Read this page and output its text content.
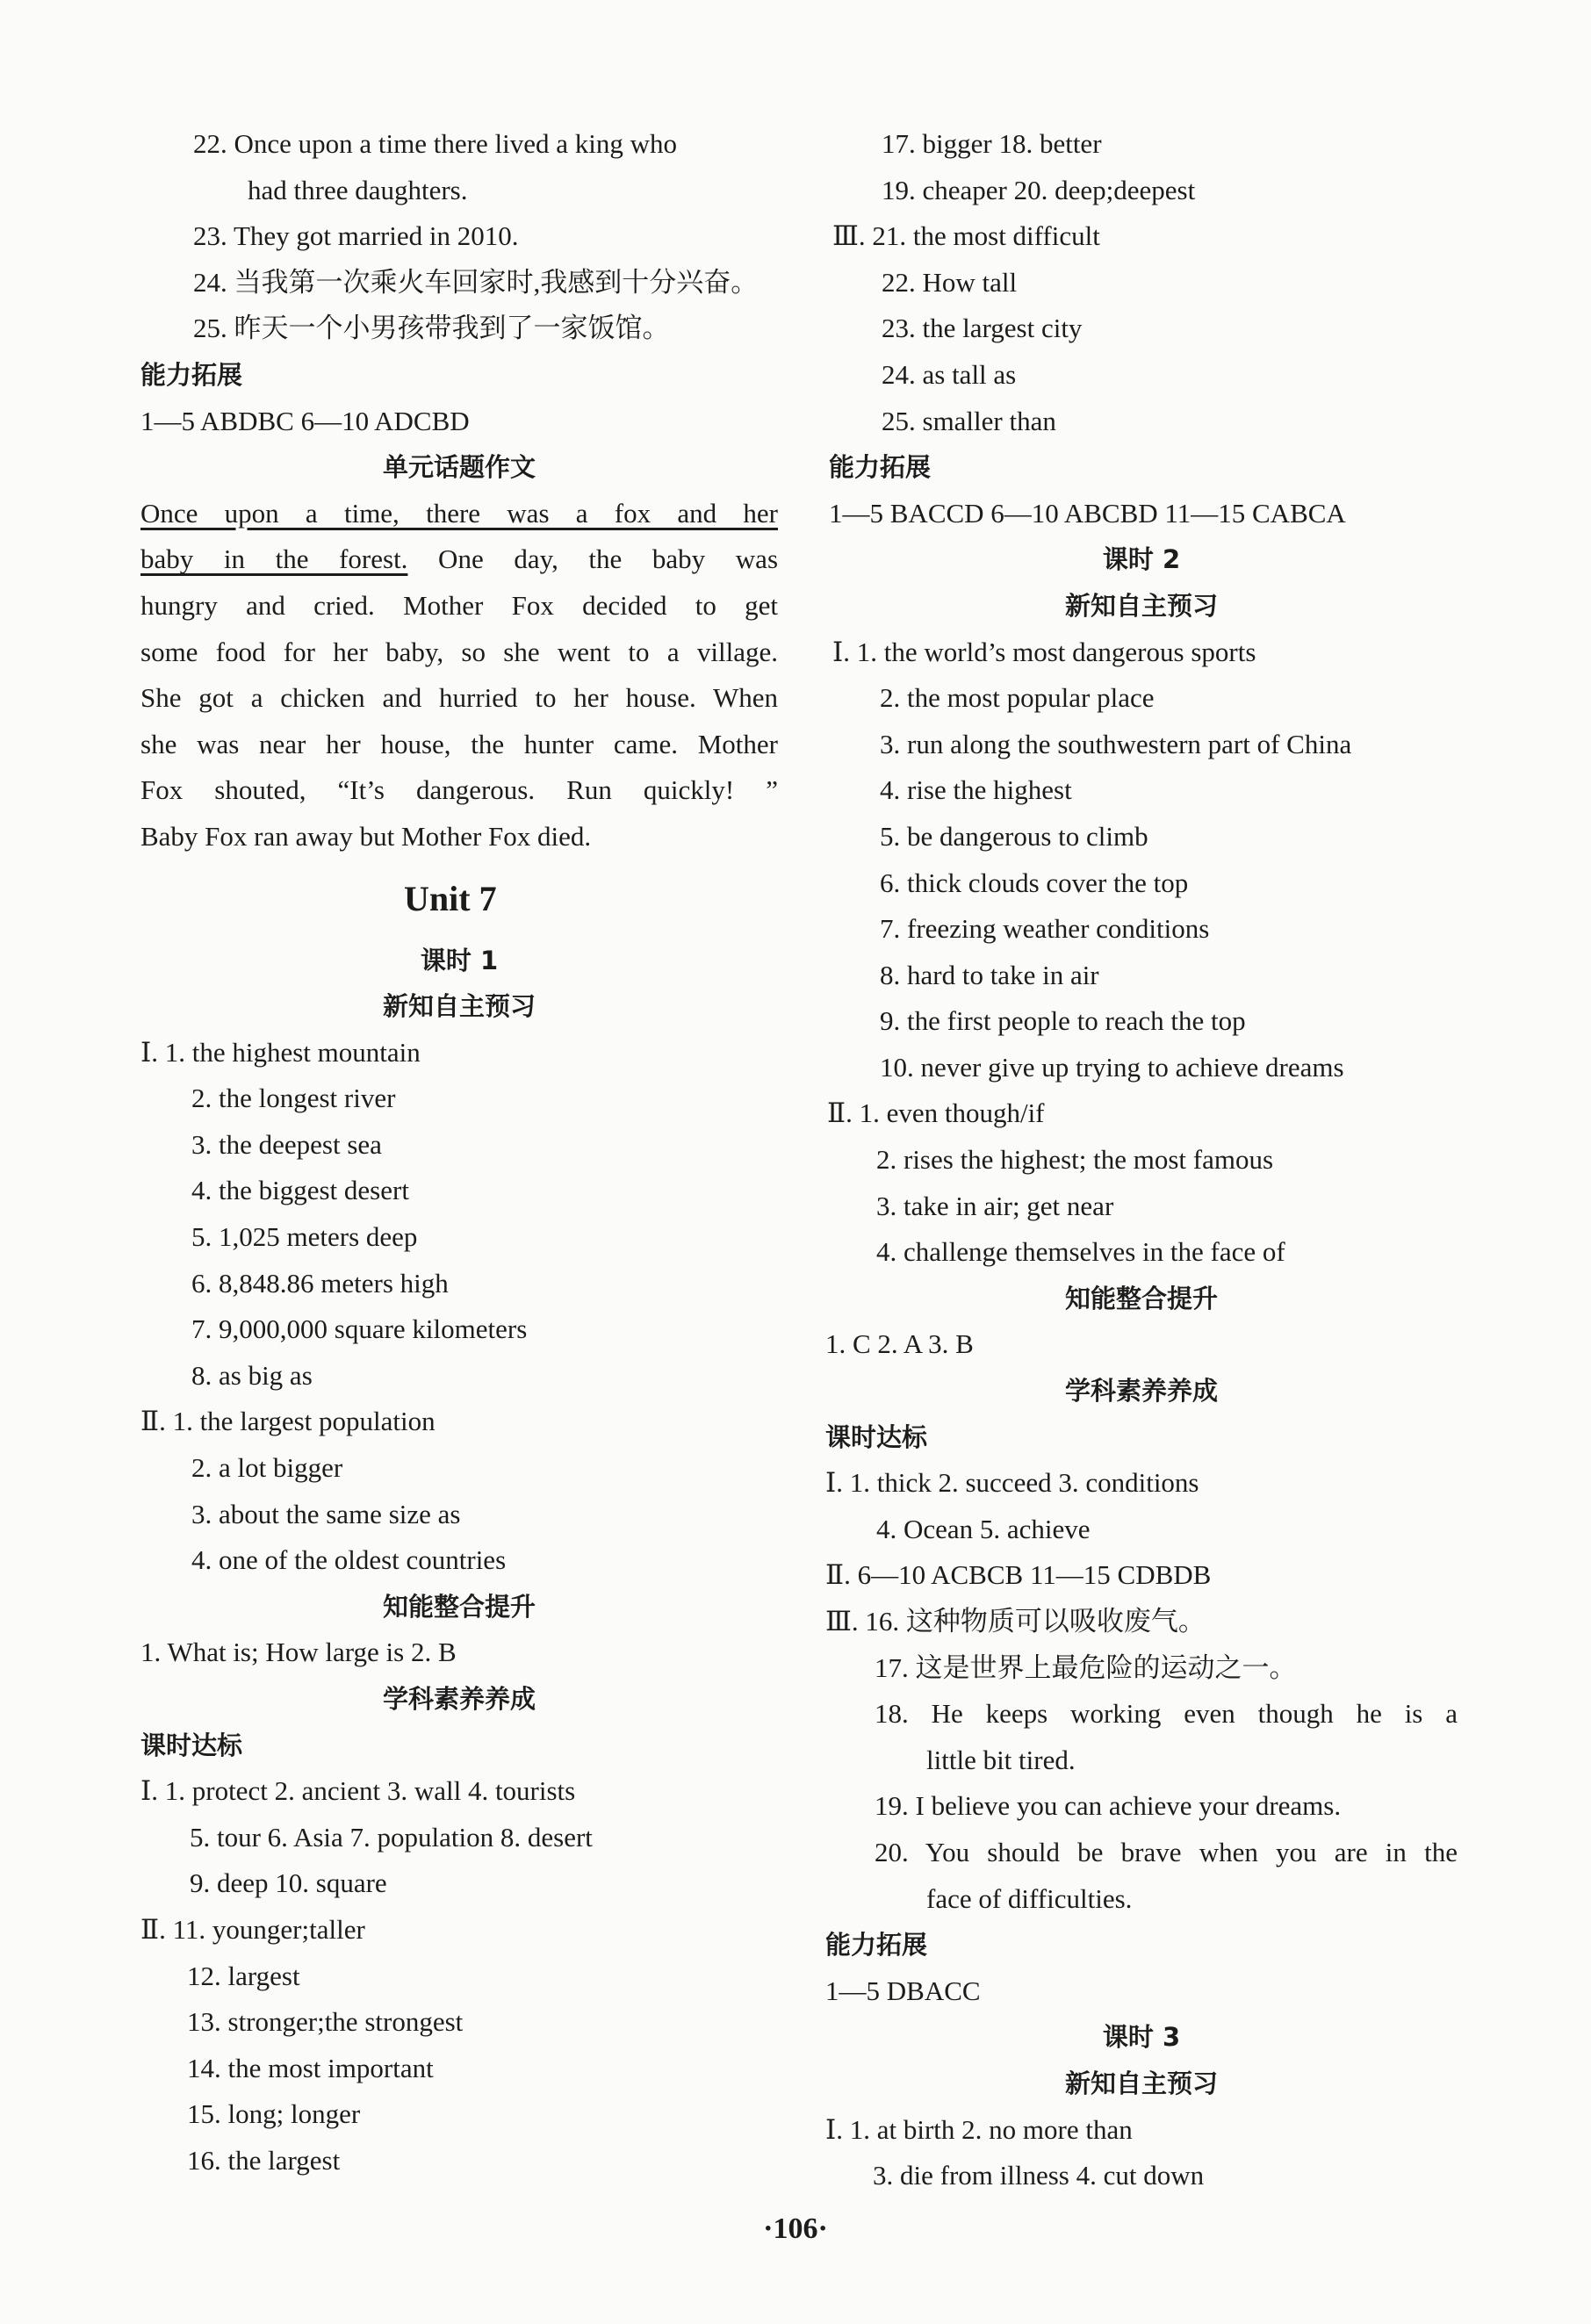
22. Once upon a time there lived a king who
had three daughters.
23. They got married in 2010.
24. 当我第一次乘火车回家时,我感到十分兴奋。
25. 昨天一个小男孩带我到了一家饭馆。
能力拓展
1—5 ABDBC 6—10 ADCBD
单元话题作文
Once upon a time, there was a fox and her
baby in the forest. One day, the baby was
hungry and cried. Mother Fox decided to get
some food for her baby, so she went to a village.
She got a chicken and hurried to her house. When
she was near her house, the hunter came. Mother
Fox shouted, “It’s dangerous. Run quickly! ”
Baby Fox ran away but Mother Fox died.
Unit 7
课时 1
新知自主预习
Ⅰ. 1. the highest mountain
2. the longest river
3. the deepest sea
4. the biggest desert
5. 1,025 meters deep
6. 8,848.86 meters high
7. 9,000,000 square kilometers
8. as big as
Ⅱ. 1. the largest population
2. a lot bigger
3. about the same size as
4. one of the oldest countries
知能整合提升
1. What is; How large is 2. B
学科素养养成
课时达标
Ⅰ. 1. protect 2. ancient 3. wall 4. tourists
5. tour 6. Asia 7. population 8. desert
9. deep 10. square
Ⅱ. 11. younger;taller
12. largest
13. stronger;the strongest
14. the most important
15. long; longer
16. the largest
17. bigger 18. better
19. cheaper 20. deep;deepest
Ⅲ. 21. the most difficult
22. How tall
23. the largest city
24. as tall as
25. smaller than
能力拓展
1—5 BACCD 6—10 ABCBD 11—15 CABCA
课时 2
新知自主预习
Ⅰ. 1. the world’s most dangerous sports
2. the most popular place
3. run along the southwestern part of China
4. rise the highest
5. be dangerous to climb
6. thick clouds cover the top
7. freezing weather conditions
8. hard to take in air
9. the first people to reach the top
10. never give up trying to achieve dreams
Ⅱ. 1. even though/if
2. rises the highest; the most famous
3. take in air; get near
4. challenge themselves in the face of
知能整合提升
1. C 2. A 3. B
学科素养养成
课时达标
Ⅰ. 1. thick 2. succeed 3. conditions
4. Ocean 5. achieve
Ⅱ. 6—10 ACBCB 11—15 CDBDB
Ⅲ. 16. 这种物质可以吸收废气。
17. 这是世界上最危险的运动之一。
18. He keeps working even though he is a
little bit tired.
19. I believe you can achieve your dreams.
20. You should be brave when you are in the
face of difficulties.
能力拓展
1—5 DBACC
课时 3
新知自主预习
Ⅰ. 1. at birth 2. no more than
3. die from illness 4. cut down
·106·
